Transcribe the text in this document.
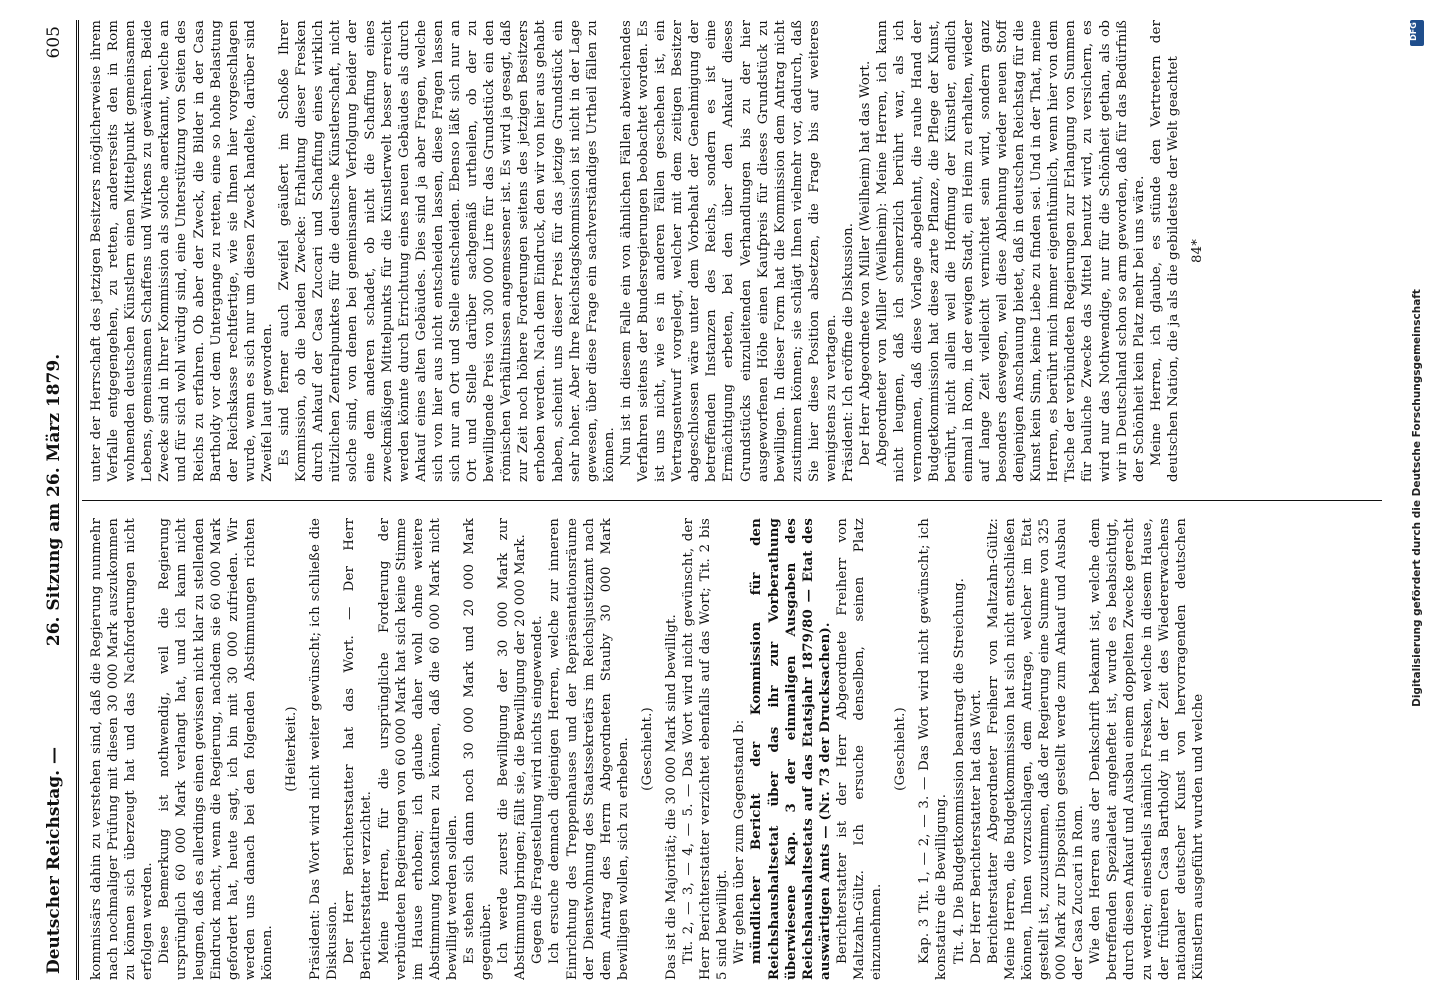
Deutscher Reichstag. —
26. Sitzung am 26. März 1879.
605

kommissärs dahin zu verstehen sind, daß die Regierung nunmehr nach nochmaliger Prüfung mit diesen 30 000 Mark auszukommen zu können sich überzeugt hat und das Nachforderungen nicht erfolgen werden. Diese Bemerkung ist nothwendig, weil die Regierung ursprünglich 60 000 Mark verlangt hat, und ich kann nicht leugnen, daß es allerdings einen gewissen nicht klar zu stellenden Eindruck macht, wenn die Regierung, nachdem sie 60 000 Mark gefordert hat, heute sagt, ich bin mit 30 000 zufrieden. Wir werden uns danach bei den folgenden Abstimmungen richten können.

(Heiterkeit.) Präsident: Das Wort wird nicht weiter gewünscht; ich schließe die Diskussion. Der Herr Berichterstatter hat das Wort. — Der Herr Berichterstatter verzichtet. Meine Herren, für die ursprüngliche Forderung der verbündeten Regierungen von 60 000 Mark hat sich keine Stimme im Hause erhoben; ich glaube daher wohl ohne weitere Abstimmung konstatiren zu können, daß die 60 000 Mark nicht bewilligt werden sollen. Es stehen sich dann noch 30 000 Mark und 20 000 Mark gegenüber. Ich werde zuerst die Bewilligung der 30 000 Mark zur Abstimmung bringen; fällt sie, die Bewilligung der 20 000 Mark. Gegen die Fragestellung wird nichts eingewendet. Ich ersuche demnach diejenigen Herren, welche zur inneren Einrichtung des Treppenhauses und der Repräsentationsräume der Dienstwohnung des Staatssekretärs im Reichsjustizamt nach dem Antrag des Herrn Abgeordneten Stauby 30 000 Mark bewilligen wollen, sich zu erheben. (Geschieht.) Das ist die Majorität; die 30 000 Mark sind bewilligt. Tit. 2, — 3, — 4, — 5. — Das Wort wird nicht gewünscht, der Herr Berichterstatter verzichtet ebenfalls auf das Wort; Tit. 2 bis 5 sind bewilligt. Wir gehen über zum Gegenstand b: mündlicher Bericht der Kommission für den Reichshaushaltsetat über das ihr zur Vorberathung überwiesene Kap. 3 der einmaligen Ausgaben des Reichshaushaltsetats auf das Etatsjahr 1879/80 — Etat des auswärtigen Amts — (Nr. 73 der Drucksachen). Berichterstatter ist der Herr Abgeordnete Freiherr von Maltzahn-Gültz. Ich ersuche denselben, seinen Platz einzunehmen.

(Geschieht.) Kap. 3 Tit. 1, — 2, — 3. — Das Wort wird nicht gewünscht; ich konstatire die Bewilligung. Tit. 4. Die Budgetkommission beantragt die Streichung. Der Herr Berichterstatter hat das Wort. Berichterstatter Abgeordneter Freiherr von Maltzahn-Gültz: Meine Herren, die Budgetkommission hat sich nicht entschließen können, Ihnen vorzuschlagen, dem Antrage, welcher im Etat gestellt ist, zuzustimmen, daß der Regierung eine Summe von 325 000 Mark zur Disposition gestellt werde zum Ankauf und Ausbau der Casa Zuccari in Rom. Wie den Herren aus der Denkschrift bekannt ist, welche dem betreffenden Spezialetat angeheftet ist, wurde es beabsichtigt, durch diesen Ankauf und Ausbau einem doppelten Zwecke gerecht zu werden; einestheils nämlich Fresken, welche in diesem Hause, der früheren Casa Bartholdy in der Zeit des Wiedererwachens nationaler deutscher Kunst von hervorragenden deutschen Künstlern ausgeführt wurden und welche

unter der Herrschaft des jetzigen Besitzers möglicherweise ihrem Verfalle entgegengehen, zu retten, andererseits den in Rom wohnenden deutschen Künstlern einen Mittelpunkt gemeinsamen Lebens, gemeinsamen Schaffens und Wirkens zu gewähren. Beide Zwecke sind in Ihrer Kommission als solche anerkannt, welche an und für sich wohl würdig sind, eine Unterstützung von Seiten des Reichs zu erfahren. Ob aber der Zweck, die Bilder in der Casa Bartholdy vor dem Untergange zu retten, eine so hohe Belastung der Reichskasse rechtfertige, wie sie Ihnen hier vorgeschlagen wurde, wenn es sich nur um diesen Zweck handelte, darüber sind Zweifel laut geworden. Es sind ferner auch Zweifel geäußert im Schoße Ihrer Kommission, ob die beiden Zwecke: Erhaltung dieser Fresken durch Ankauf der Casa Zuccari und Schaffung eines wirklich nützlichen Zentralpunktes für die deutsche Künstlerschaft, nicht solche sind, von denen bei gemeinsamer Verfolgung beider der eine dem anderen schadet, ob nicht die Schaffung eines zweckmäßigen Mittelpunkts für die Künstlerwelt besser erreicht werden könnte durch Errichtung eines neuen Gebäudes als durch Ankauf eines alten Gebäudes. Dies sind ja aber Fragen, welche sich von hier aus nicht entscheiden lassen, diese Fragen lassen sich nur an Ort und Stelle entscheiden. Ebenso läßt sich nur an Ort und Stelle darüber sachgemäß urtheilen, ob der zu bewilligende Preis von 300 000 Lire für das Grundstück ein den römischen Verhältnissen angemessener ist. Es wird ja gesagt, daß zur Zeit noch höhere Forderungen seitens des jetzigen Besitzers erhoben werden. Nach dem Eindruck, den wir von hier aus gehabt haben, scheint uns dieser Preis für das jetzige Grundstück ein sehr hoher. Aber Ihre Reichstagskommission ist nicht in der Lage gewesen, über diese Frage ein sachverständiges Urtheil fällen zu können. Nun ist in diesem Falle ein von ähnlichen Fällen abweichendes Verfahren seitens der Bundesregierungen beobachtet worden. Es ist uns nicht, wie es in anderen Fällen geschehen ist, ein Vertragsentwurf vorgelegt, welcher mit dem zeitigen Besitzer abgeschlossen wäre unter dem Vorbehalt der Genehmigung der betreffenden Instanzen des Reichs, sondern es ist eine Ermächtigung erbeten, bei den über den Ankauf dieses Grundstücks einzuleitenden Verhandlungen bis zu der hier ausgeworfenen Höhe einen Kaufpreis für dieses Grundstück zu bewilligen. In dieser Form hat die Kommission dem Antrag nicht zustimmen können; sie schlägt Ihnen vielmehr vor, dadurch, daß Sie hier diese Position absetzen, die Frage bis auf weiteres wenigstens zu vertagen. Präsident: Ich eröffne die Diskussion. Der Herr Abgeordnete von Miller (Weilheim) hat das Wort. Abgeordneter von Miller (Weilheim): Meine Herren, ich kann nicht leugnen, daß ich schmerzlich berührt war, als ich vernommen, daß diese Vorlage abgelehnt, die rauhe Hand der Budgetkommission hat diese zarte Pflanze, die Pflege der Kunst, berührt, nicht allein weil die Hoffnung der Künstler, endlich einmal in Rom, in der ewigen Stadt, ein Heim zu erhalten, wieder auf lange Zeit vielleicht vernichtet sein wird, sondern ganz besonders deswegen, weil diese Ablehnung wieder neuen Stoff denjenigen Anschauung bietet, daß in deutschen Reichstag für die Kunst kein Sinn, keine Liebe zu finden sei. Und in der That, meine Herren, es berührt mich immer eigenthümlich, wenn hier von dem Tische der verbündeten Regierungen zur Erlangung von Summen für bauliche Zwecke das Mittel benutzt wird, zu versichern, es wird nur das Nothwendige, nur für die Schönheit gethan, als ob wir in Deutschland schon so arm geworden, daß für das Bedürfniß der Schönheit kein Platz mehr bei uns wäre. Meine Herren, ich glaube, es stünde den Vertretern der deutschen Nation, die ja als die gebildetste der Welt geachtet 84*

DFG
Digitalisierung gefördert durch die Deutsche Forschungsgemeinschaft
